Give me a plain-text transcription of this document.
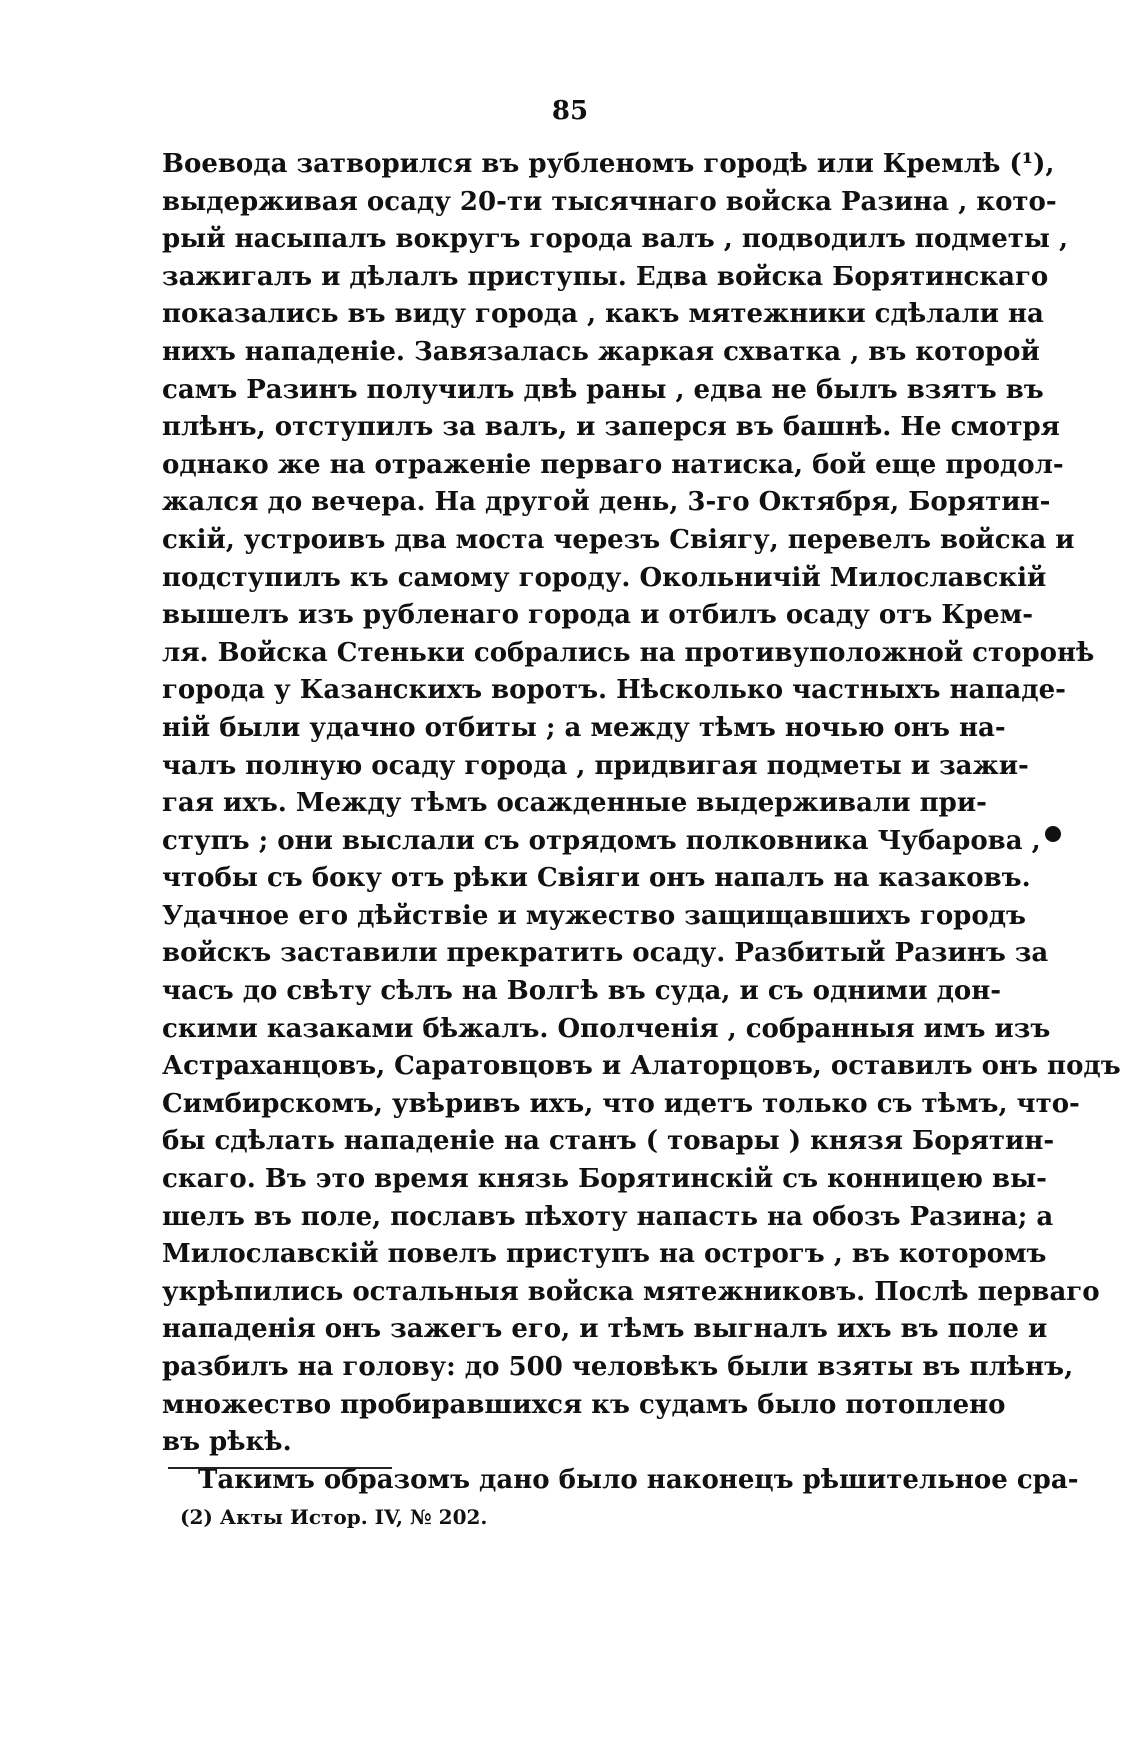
85
Воевода затворился въ рубленомъ городѣ или Кремлѣ (¹),
выдерживая осаду 20-ти тысячнаго войска Разина , кото-
рый насыпалъ вокругъ города валъ , подводилъ подметы ,
зажигалъ и дѣлалъ приступы. Едва войска Борятинскаго
показались въ виду города , какъ мятежники сдѣлали на
нихъ нападеніе. Завязалась жаркая схватка , въ которой
самъ Разинъ получилъ двѣ раны , едва не былъ взятъ въ
плѣнъ, отступилъ за валъ, и заперся въ башнѣ. Не смотря
однако же на отраженіе перваго натиска, бой еще продол-
жался до вечера. На другой день, 3-го Октября, Борятин-
скій, устроивъ два моста черезъ Свіягу, перевелъ войска и
подступилъ къ самому городу. Окольничій Милославскій
вышелъ изъ рубленаго города и отбилъ осаду отъ Крем-
ля. Войска Стеньки собрались на противуположной сторонѣ
города у Казанскихъ воротъ. Нѣсколько частныхъ нападе-
ній были удачно отбиты ; а между тѣмъ ночью онъ на-
чалъ полную осаду города , придвигая подметы и зажи-
гая ихъ. Между тѣмъ осажденные выдерживали при-
ступъ ; они выслали съ отрядомъ полковника Чубарова ,
чтобы съ боку отъ рѣки Свіяги онъ напалъ на казаковъ.
Удачное его дѣйствіе и мужество защищавшихъ городъ
войскъ заставили прекратить осаду. Разбитый Разинъ за
часъ до свѣту сѣлъ на Волгѣ въ суда, и съ одними дон-
скими казаками бѣжалъ. Ополченія , собранныя имъ изъ
Астраханцовъ, Саратовцовъ и Алаторцовъ, оставилъ онъ подъ
Симбирскомъ, увѣривъ ихъ, что идетъ только съ тѣмъ, что-
бы сдѣлать нападеніе на станъ ( товары ) князя Борятин-
скаго. Въ это время князь Борятинскій съ конницею вы-
шелъ въ поле, пославъ пѣхоту напасть на обозъ Разина; а
Милославскій повелъ приступъ на острогъ , въ которомъ
укрѣпились остальныя войска мятежниковъ. Послѣ перваго
нападенія онъ зажегъ его, и тѣмъ выгналъ ихъ въ поле и
разбилъ на голову: до 500 человѣкъ были взяты въ плѣнъ,
множество пробиравшихся къ судамъ было потоплено
въ рѣкѣ.
Такимъ образомъ дано было наконецъ рѣшительное сра-
(2) Акты Истор. IV, № 202.
